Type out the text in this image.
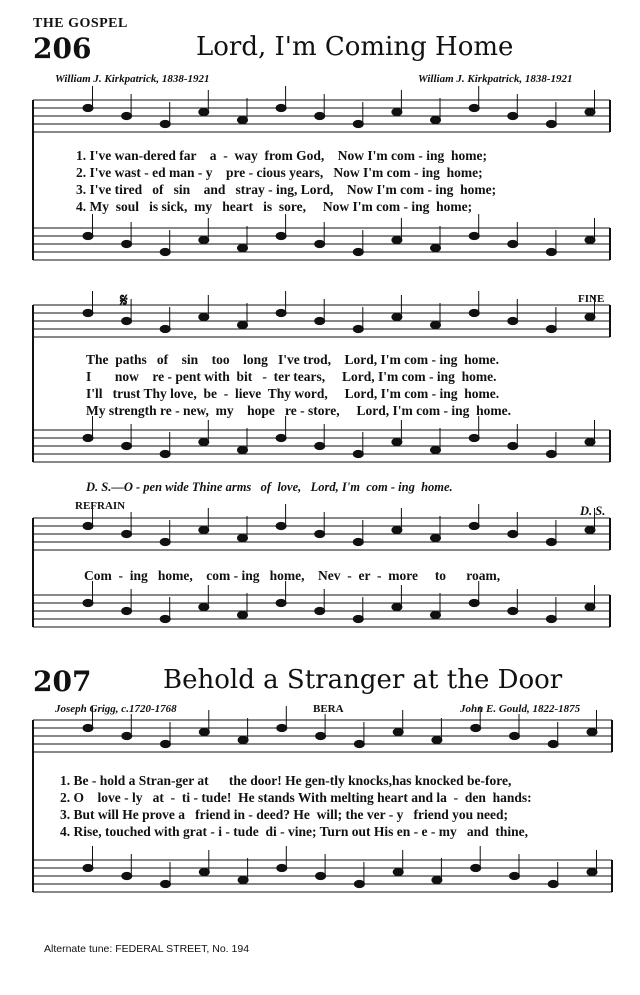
THE GOSPEL
206	Lord, I'm Coming Home
William J. Kirkpatrick, 1838-1921	William J. Kirkpatrick, 1838-1921
1. I've wan-dered far    a  -  way  from God,    Now I'm com - ing  home;
2. I've wast - ed man - y    pre - cious years,   Now I'm com - ing  home;
3. I've tired   of   sin    and   stray - ing, Lord,    Now I'm com - ing  home;
4. My  soul   is sick,  my   heart   is  sore,     Now I'm com - ing  home;
𝄋	FINE
The  paths   of    sin    too    long   I've trod,    Lord, I'm com - ing  home.
I       now    re - pent with  bit   -  ter tears,     Lord, I'm com - ing  home.
I'll   trust Thy love,  be  -  lieve  Thy word,     Lord, I'm com - ing  home.
My strength re - new,  my    hope   re - store,     Lord, I'm com - ing  home.
D. S.—O - pen wide Thine arms   of  love,   Lord, I'm  com - ing  home.
REFRAIN	D. S.
Com  -  ing   home,    com - ing   home,    Nev  -  er  -  more     to      roam,
207	Behold a Stranger at the Door
Joseph Grigg, c.1720-1768	BERA	John E. Gould, 1822-1875
1. Be - hold a Stran-ger at      the door! He gen-tly knocks,has knocked be-fore,
2. O    love - ly   at  -  ti - tude!  He stands With melting heart and la  -  den  hands:
3. But will He prove a   friend in - deed? He  will; the ver - y   friend you need;
4. Rise, touched with grat - i - tude  di - vine; Turn out His en - e - my   and  thine,
Alternate tune: FEDERAL STREET, No. 194
